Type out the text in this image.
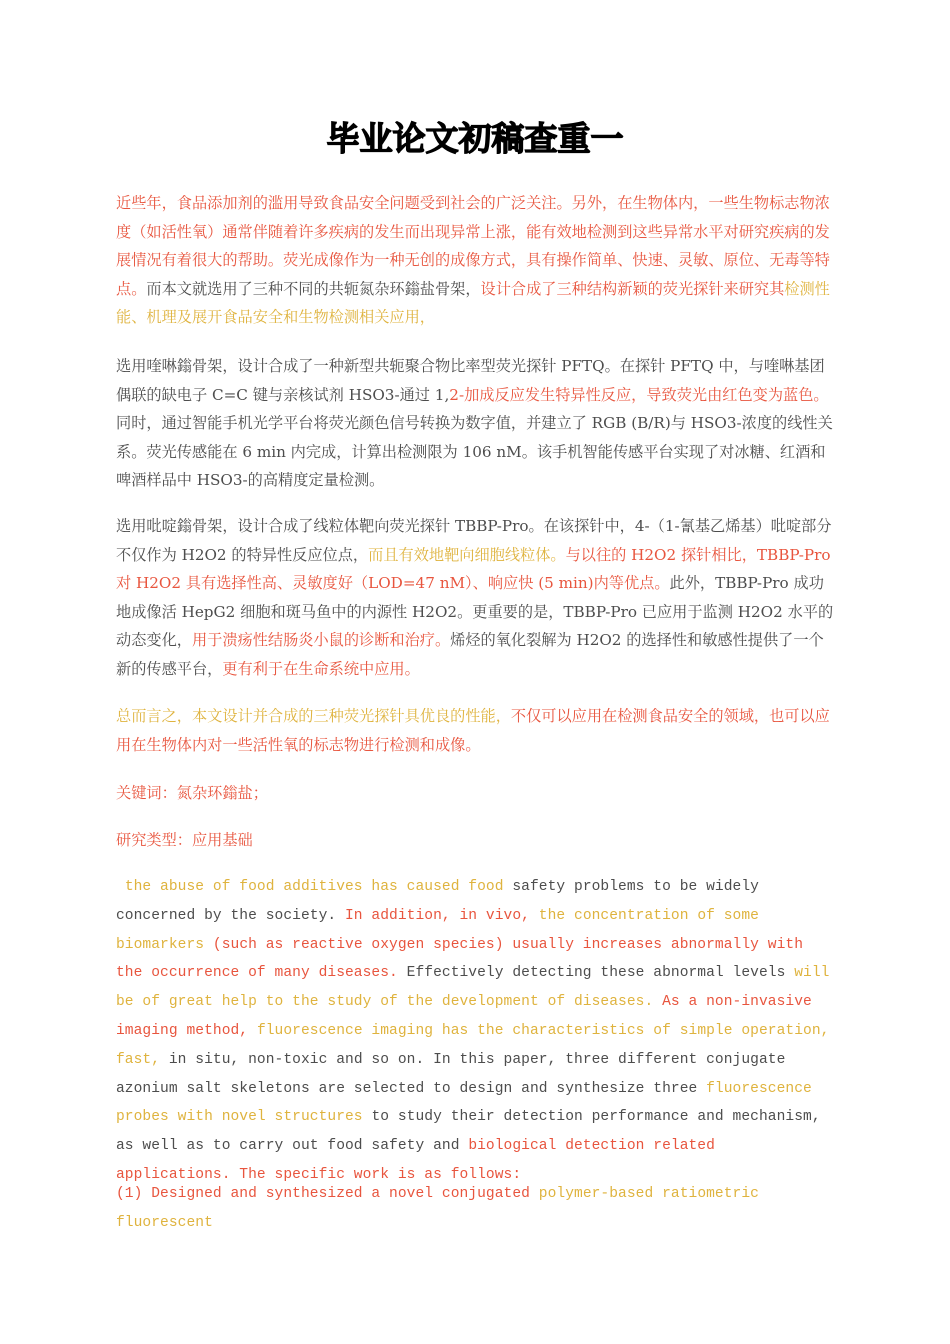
毕业论文初稿查重一

近些年，食品添加剂的滥用导致食品安全问题受到社会的广泛关注。另外，在生物体内，一些生物标志物浓度（如活性氧）通常伴随着许多疾病的发生而出现异常上涨，能有效地检测到这些异常水平对研究疾病的发展情况有着很大的帮助。荧光成像作为一种无创的成像方式，具有操作简单、快速、灵敏、原位、无毒等特点。而本文就选用了三种不同的共轭氮杂环鎓盐骨架，设计合成了三种结构新颖的荧光探针来研究其检测性能、机理及展开食品安全和生物检测相关应用，

选用喹啉鎓骨架，设计合成了一种新型共轭聚合物比率型荧光探针 PFTQ。在探针 PFTQ 中，与喹啉基团偶联的缺电子 C=C 键与亲核试剂 HSO3-通过 1,2-加成反应发生特异性反应，导致荧光由红色变为蓝色。同时，通过智能手机光学平台将荧光颜色信号转换为数字值，并建立了 RGB (B/R)与 HSO3-浓度的线性关系。荧光传感能在 6 min 内完成，计算出检测限为 106 nM。该手机智能传感平台实现了对冰糖、红酒和啤酒样品中 HSO3-的高精度定量检测。

选用吡啶鎓骨架，设计合成了线粒体靶向荧光探针 TBBP-Pro。在该探针中，4-（1-氰基乙烯基）吡啶部分不仅作为 H2O2 的特异性反应位点，而且有效地靶向细胞线粒体。与以往的 H2O2 探针相比，TBBP-Pro 对 H2O2 具有选择性高、灵敏度好（LOD=47 nM）、响应快 (5 min)内等优点。此外，TBBP-Pro 成功地成像活 HepG2 细胞和斑马鱼中的内源性 H2O2。更重要的是，TBBP-Pro 已应用于监测 H2O2 水平的动态变化，用于溃疡性结肠炎小鼠的诊断和治疗。烯烃的氧化裂解为 H2O2 的选择性和敏感性提供了一个新的传感平台，更有利于在生命系统中应用。

总而言之，本文设计并合成的三种荧光探针具优良的性能，不仅可以应用在检测食品安全的领域，也可以应用在生物体内对一些活性氧的标志物进行检测和成像。

关键词：氮杂环鎓盐；

研究类型：应用基础

the abuse of food additives has caused food safety problems to be widely concerned by the society. In addition, in vivo, the concentration of some biomarkers (such as reactive oxygen species) usually increases abnormally with the occurrence of many diseases. Effectively detecting these abnormal levels will be of great help to the study of the development of diseases. As a non-invasive imaging method, fluorescence imaging has the characteristics of simple operation, fast, in situ, non-toxic and so on. In this paper, three different conjugate azonium salt skeletons are selected to design and synthesize three fluorescence probes with novel structures to study their detection performance and mechanism, as well as to carry out food safety and biological detection related applications. The specific work is as follows:

(1) Designed and synthesized a novel conjugated polymer-based ratiometric fluorescent
